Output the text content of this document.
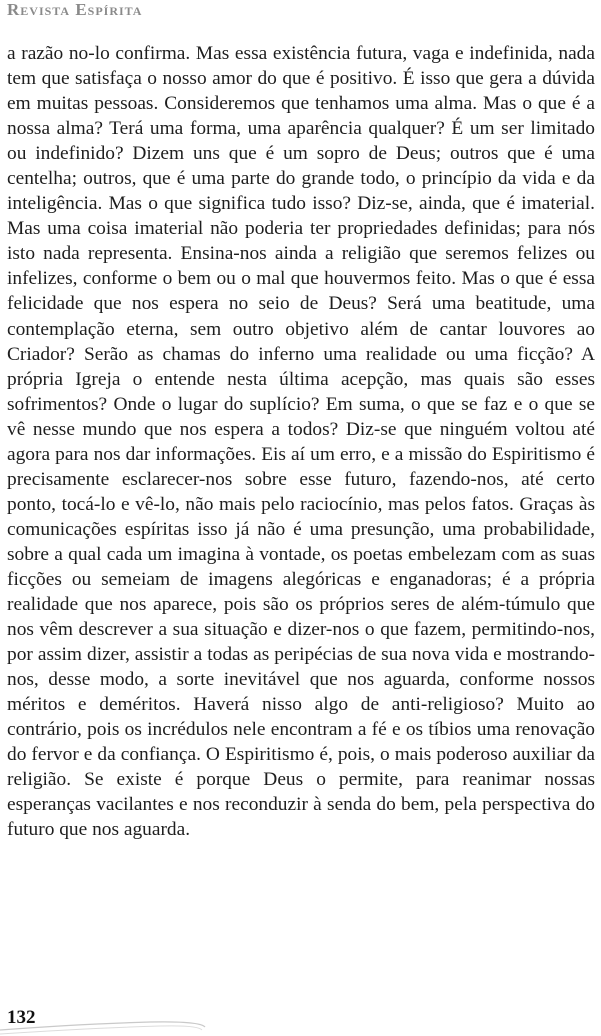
Revista Espírita

a razão no-lo confirma. Mas essa existência futura, vaga e indefinida, nada tem que satisfaça o nosso amor do que é positivo. É isso que gera a dúvida em muitas pessoas. Consideremos que tenhamos uma alma. Mas o que é a nossa alma? Terá uma forma, uma aparência qualquer? É um ser limitado ou indefinido? Dizem uns que é um sopro de Deus; outros que é uma centelha; outros, que é uma parte do grande todo, o princípio da vida e da inteligência. Mas o que significa tudo isso? Diz-se, ainda, que é imaterial. Mas uma coisa imaterial não poderia ter propriedades definidas; para nós isto nada representa. Ensina-nos ainda a religião que seremos felizes ou infelizes, conforme o bem ou o mal que houvermos feito. Mas o que é essa felicidade que nos espera no seio de Deus? Será uma beatitude, uma contemplação eterna, sem outro objetivo além de cantar louvores ao Criador? Serão as chamas do inferno uma realidade ou uma ficção? A própria Igreja o entende nesta última acepção, mas quais são esses sofrimentos? Onde o lugar do suplício? Em suma, o que se faz e o que se vê nesse mundo que nos espera a todos? Diz-se que ninguém voltou até agora para nos dar informações. Eis aí um erro, e a missão do Espiritismo é precisamente esclarecer-nos sobre esse futuro, fazendo-nos, até certo ponto, tocá-lo e vê-lo, não mais pelo raciocínio, mas pelos fatos. Graças às comunicações espíritas isso já não é uma presunção, uma probabilidade, sobre a qual cada um imagina à vontade, os poetas embelezam com as suas ficções ou semeiam de imagens alegóricas e enganadoras; é a própria realidade que nos aparece, pois são os próprios seres de além-túmulo que nos vêm descrever a sua situação e dizer-nos o que fazem, permitindo-nos, por assim dizer, assistir a todas as peripécias de sua nova vida e mostrando-nos, desse modo, a sorte inevitável que nos aguarda, conforme nossos méritos e deméritos. Haverá nisso algo de anti-religioso? Muito ao contrário, pois os incrédulos nele encontram a fé e os tíbios uma renovação do fervor e da confiança. O Espiritismo é, pois, o mais poderoso auxiliar da religião. Se existe é porque Deus o permite, para reanimar nossas esperanças vacilantes e nos reconduzir à senda do bem, pela perspectiva do futuro que nos aguarda.

132
